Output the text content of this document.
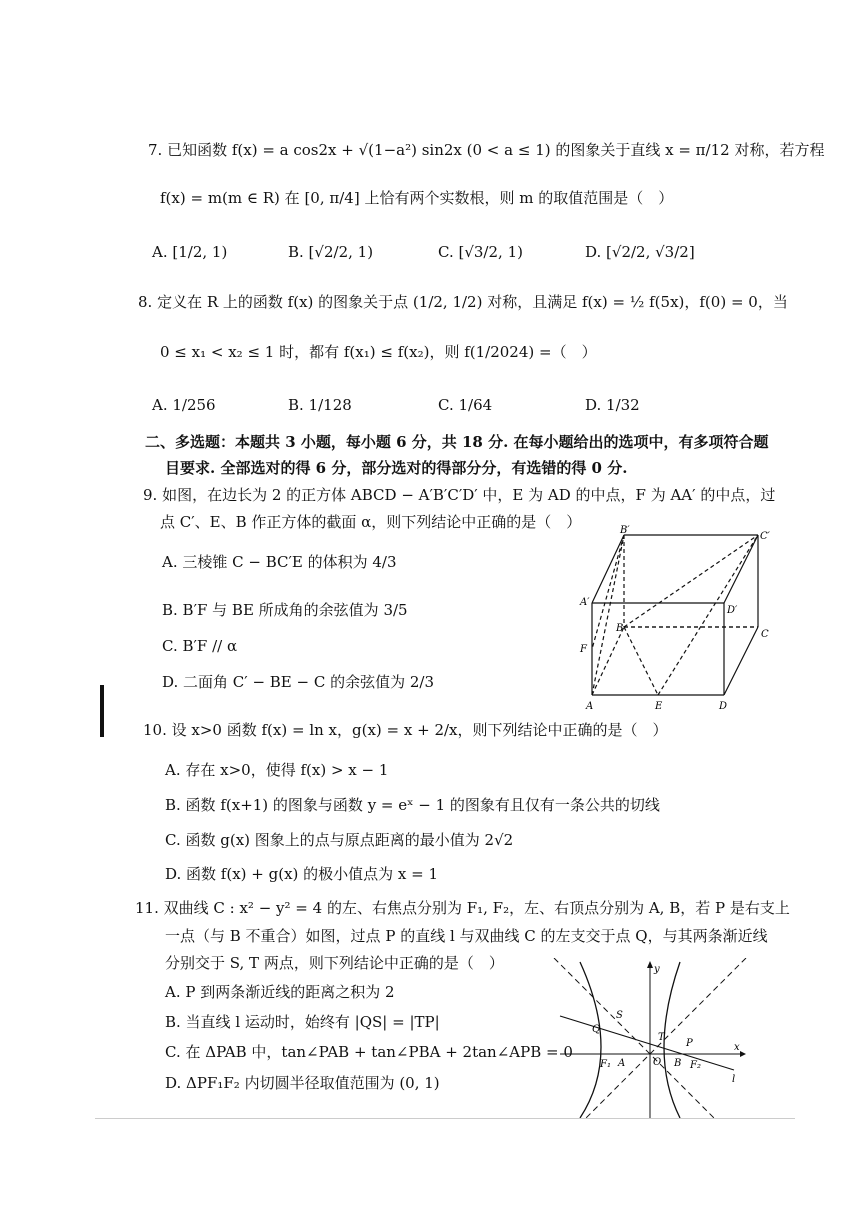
7. 已知函数 f(x) = a cos2x + √(1−a²) sin2x (0 < a ≤ 1) 的图象关于直线 x = π/12 对称，若方程
f(x) = m(m ∈ R) 在 [0, π/4] 上恰有两个实数根，则 m 的取值范围是（　）
A. [1/2, 1)	B. [√2/2, 1)	C. [√3/2, 1)	D. [√2/2, √3/2]
8. 定义在 R 上的函数 f(x) 的图象关于点 (1/2, 1/2) 对称，且满足 f(x) = ½ f(5x)，f(0) = 0，当
0 ≤ x₁ < x₂ ≤ 1 时，都有 f(x₁) ≤ f(x₂)，则 f(1/2024) =（　）
A. 1/256	B. 1/128	C. 1/64	D. 1/32
二、多选题：本题共 3 小题，每小题 6 分，共 18 分. 在每小题给出的选项中，有多项符合题
目要求. 全部选对的得 6 分，部分选对的得部分分，有选错的得 0 分.
9. 如图，在边长为 2 的正方体 ABCD − A′B′C′D′ 中，E 为 AD 的中点，F 为 AA′ 的中点，过
点 C′、E、B 作正方体的截面 α，则下列结论中正确的是（　）
A. 三棱锥 C − BC′E 的体积为 4/3
B. B′F 与 BE 所成角的余弦值为 3/5
C. B′F // α
D. 二面角 C′ − BE − C 的余弦值为 2/3
B′
C′
A′
D′
B
C
F
A	E	D
10. 设 x>0 函数 f(x) = ln x，g(x) = x + 2/x，则下列结论中正确的是（　）
A. 存在 x>0，使得 f(x) > x − 1
B. 函数 f(x+1) 的图象与函数 y = eˣ − 1 的图象有且仅有一条公共的切线
C. 函数 g(x) 图象上的点与原点距离的最小值为 2√2
D. 函数 f(x) + g(x) 的极小值点为 x = 1
11. 双曲线 C : x² − y² = 4 的左、右焦点分别为 F₁, F₂，左、右顶点分别为 A, B，若 P 是右支上
一点（与 B 不重合）如图，过点 P 的直线 l 与双曲线 C 的左支交于点 Q，与其两条渐近线
分别交于 S, T 两点，则下列结论中正确的是（　）
A. P 到两条渐近线的距离之积为 2
B. 当直线 l 运动时，始终有 |QS| = |TP|
C. 在 ΔPAB 中，tan∠PAB + tan∠PBA + 2tan∠APB = 0
D. ΔPF₁F₂ 内切圆半径取值范围为 (0, 1)
y
S
Q
T
P
F₁ A	O B F₂
x
l
